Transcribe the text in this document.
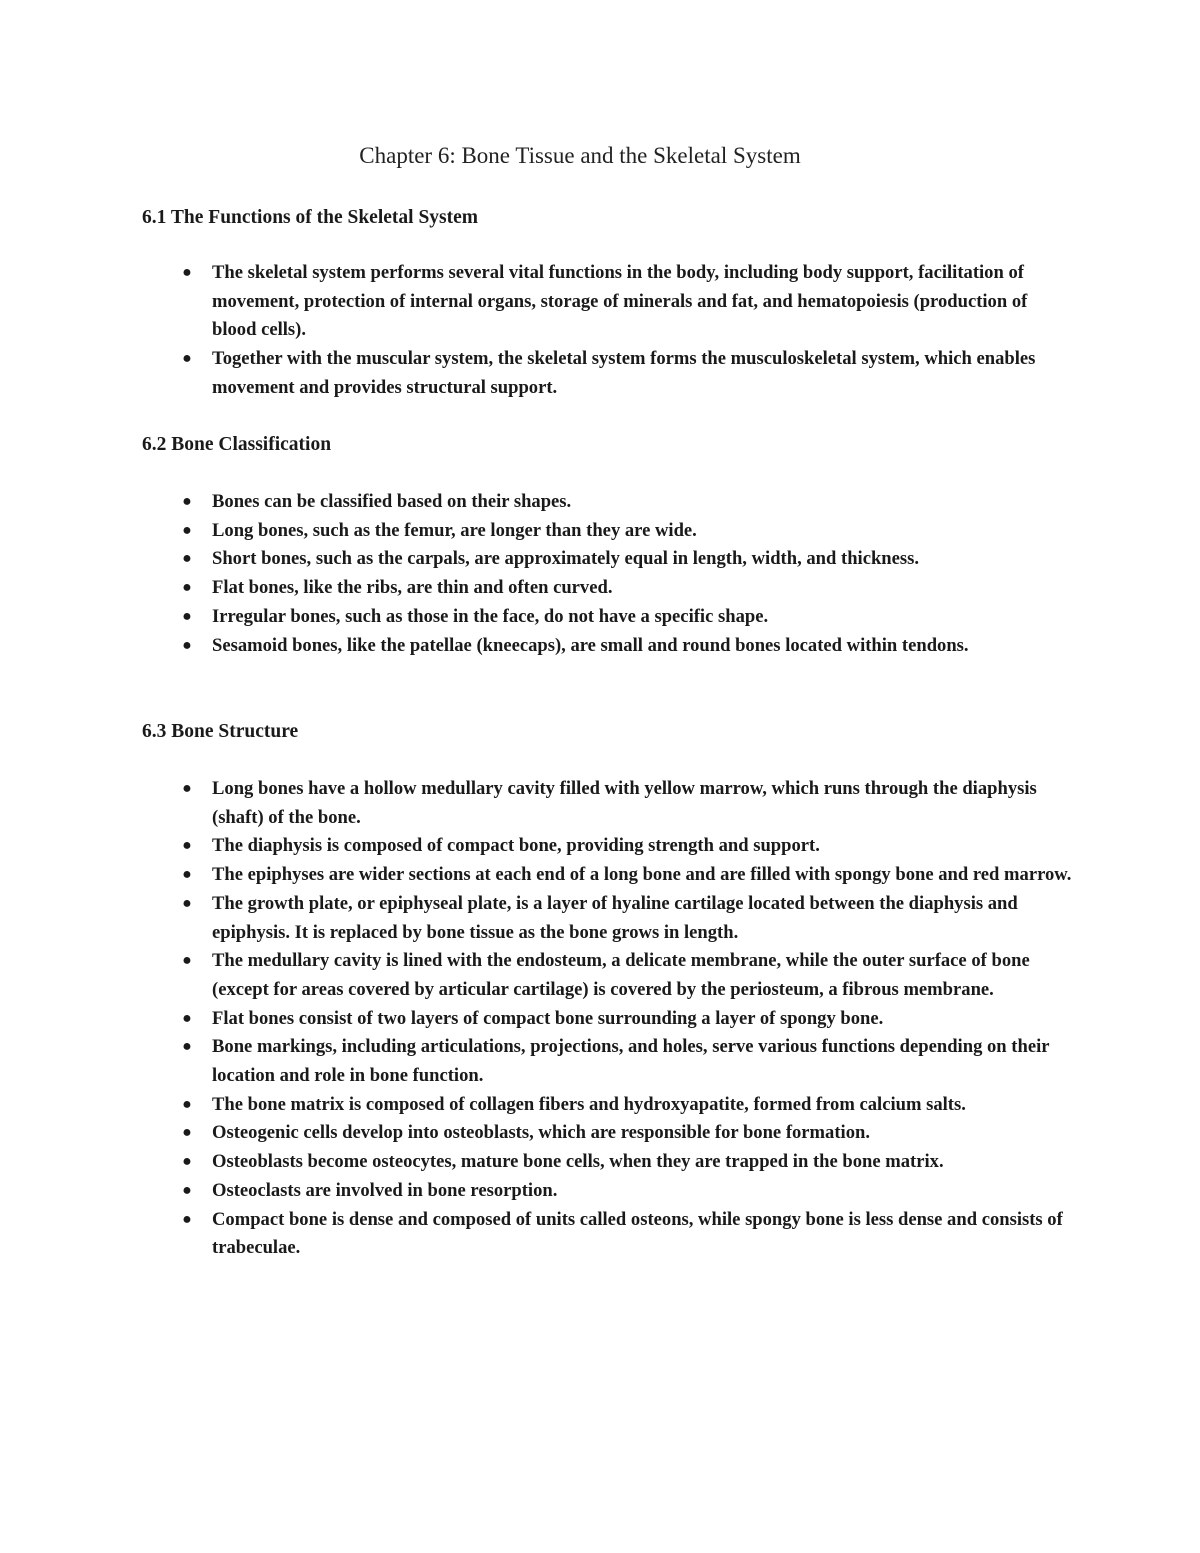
Chapter 6: Bone Tissue and the Skeletal System
6.1 The Functions of the Skeletal System
● The skeletal system performs several vital functions in the body, including body support, facilitation of movement, protection of internal organs, storage of minerals and fat, and hematopoiesis (production of blood cells).
● Together with the muscular system, the skeletal system forms the musculoskeletal system, which enables movement and provides structural support.
6.2 Bone Classification
● Bones can be classified based on their shapes.
● Long bones, such as the femur, are longer than they are wide.
● Short bones, such as the carpals, are approximately equal in length, width, and thickness.
● Flat bones, like the ribs, are thin and often curved.
● Irregular bones, such as those in the face, do not have a specific shape.
● Sesamoid bones, like the patellae (kneecaps), are small and round bones located within tendons.
6.3 Bone Structure
● Long bones have a hollow medullary cavity filled with yellow marrow, which runs through the diaphysis (shaft) of the bone.
● The diaphysis is composed of compact bone, providing strength and support.
● The epiphyses are wider sections at each end of a long bone and are filled with spongy bone and red marrow.
● The growth plate, or epiphyseal plate, is a layer of hyaline cartilage located between the diaphysis and epiphysis. It is replaced by bone tissue as the bone grows in length.
● The medullary cavity is lined with the endosteum, a delicate membrane, while the outer surface of bone (except for areas covered by articular cartilage) is covered by the periosteum, a fibrous membrane.
● Flat bones consist of two layers of compact bone surrounding a layer of spongy bone.
● Bone markings, including articulations, projections, and holes, serve various functions depending on their location and role in bone function.
● The bone matrix is composed of collagen fibers and hydroxyapatite, formed from calcium salts.
● Osteogenic cells develop into osteoblasts, which are responsible for bone formation.
● Osteoblasts become osteocytes, mature bone cells, when they are trapped in the bone matrix.
● Osteoclasts are involved in bone resorption.
● Compact bone is dense and composed of units called osteons, while spongy bone is less dense and consists of trabeculae.
